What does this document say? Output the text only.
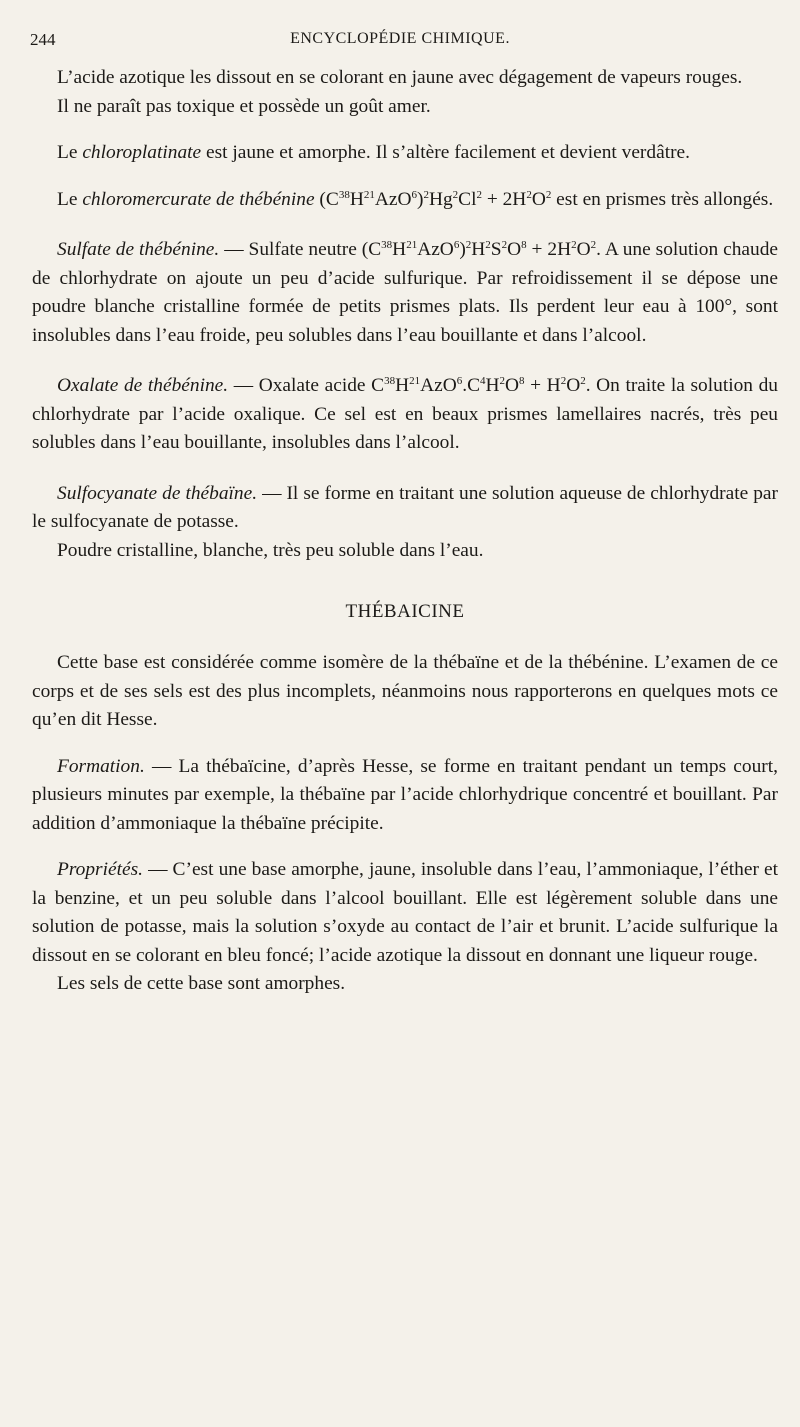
244	ENCYCLOPÉDIE CHIMIQUE.

L’acide azotique les dissout en se colorant en jaune avec dégagement de vapeurs rouges.

Il ne paraît pas toxique et possède un goût amer.

Le chloroplatinate est jaune et amorphe. Il s’altère facilement et devient verdâtre.

Le chloromercurate de thébénine $(C^{38}H^{21}AzO^6)^2Hg^2Cl^2 + 2H^2O^2$ est en prismes très allongés.

Sulfate de thébénine. — Sulfate neutre $(C^{38}H^{21}AzO^6)^2H^2S^2O^8 + 2H^2O^2$. A une solution chaude de chlorhydrate on ajoute un peu d’acide sulfurique. Par refroidissement il se dépose une poudre blanche cristalline formée de petits prismes plats. Ils perdent leur eau à 100°, sont insolubles dans l’eau froide, peu solubles dans l’eau bouillante et dans l’alcool.

Oxalate de thébénine. — Oxalate acide $C^{38}H^{21}AzO^6.C^4H^2O^8 + H^2O^2$. On traite la solution du chlorhydrate par l’acide oxalique. Ce sel est en beaux prismes lamellaires nacrés, très peu solubles dans l’eau bouillante, insolubles dans l’alcool.

Sulfocyanate de thébaïne. — Il se forme en traitant une solution aqueuse de chlorhydrate par le sulfocyanate de potasse.

Poudre cristalline, blanche, très peu soluble dans l’eau.

THÉBAICINE

Cette base est considérée comme isomère de la thébaïne et de la thébénine. L’examen de ce corps et de ses sels est des plus incomplets, néanmoins nous rapporterons en quelques mots ce qu’en dit Hesse.

Formation. — La thébaïcine, d’après Hesse, se forme en traitant pendant un temps court, plusieurs minutes par exemple, la thébaïne par l’acide chlorhydrique concentré et bouillant. Par addition d’ammoniaque la thébaïne précipite.

Propriétés. — C’est une base amorphe, jaune, insoluble dans l’eau, l’ammoniaque, l’éther et la benzine, et un peu soluble dans l’alcool bouillant. Elle est légèrement soluble dans une solution de potasse, mais la solution s’oxyde au contact de l’air et brunit. L’acide sulfurique la dissout en se colorant en bleu foncé; l’acide azotique la dissout en donnant une liqueur rouge.

Les sels de cette base sont amorphes.
